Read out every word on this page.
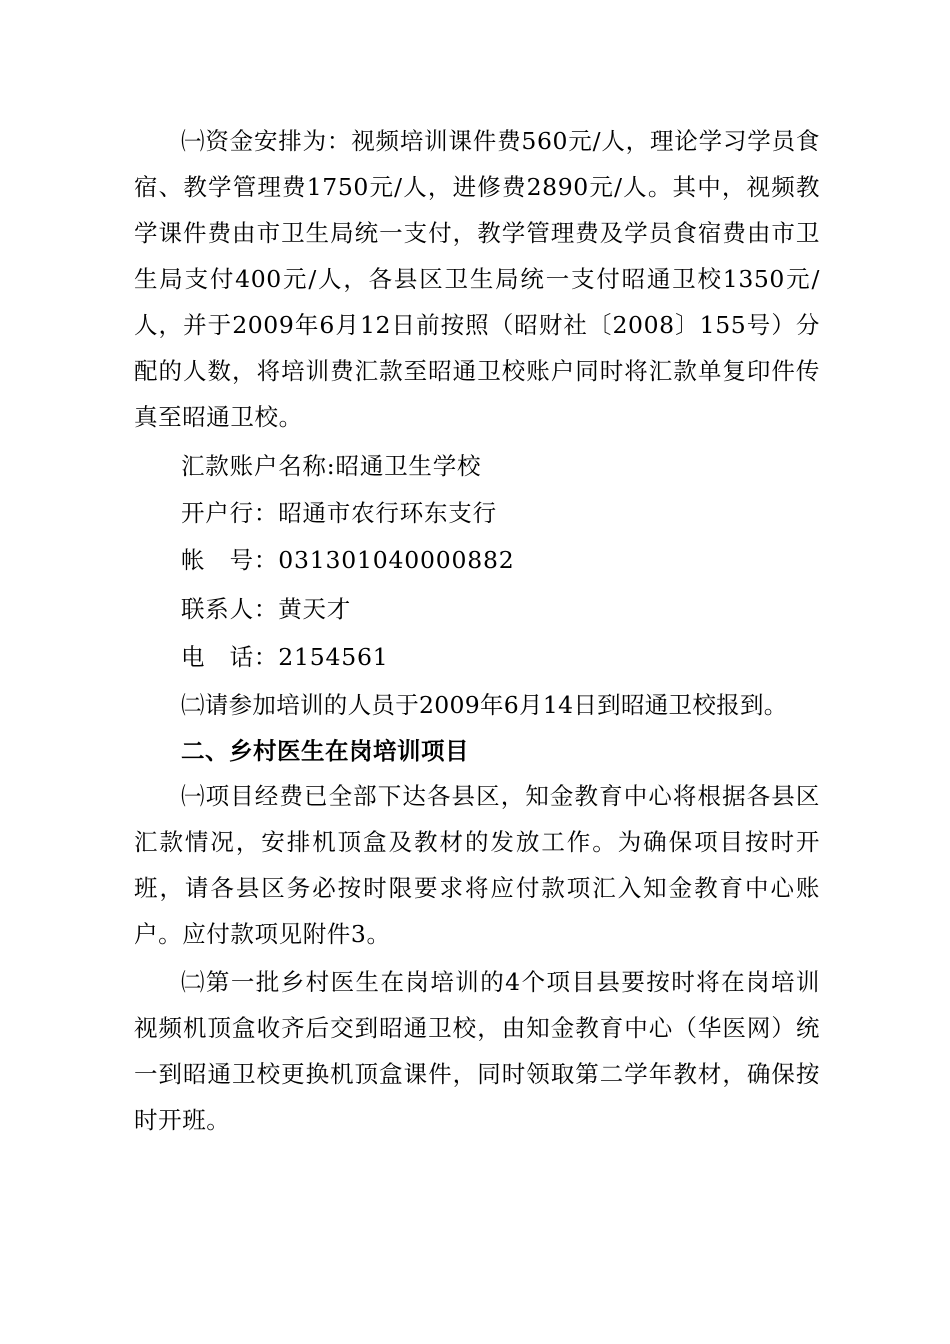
㈠资金安排为：视频培训课件费560元/人，理论学习学员食宿、教学管理费1750元/人，进修费2890元/人。其中，视频教学课件费由市卫生局统一支付，教学管理费及学员食宿费由市卫生局支付400元/人，各县区卫生局统一支付昭通卫校1350元/人，并于2009年6月12日前按照（昭财社〔2008〕155号）分配的人数，将培训费汇款至昭通卫校账户同时将汇款单复印件传真至昭通卫校。

汇款账户名称:昭通卫生学校

开户行：昭通市农行环东支行

帐　号：031301040000882

联系人：黄天才

电　话：2154561

㈡请参加培训的人员于2009年6月14日到昭通卫校报到。

二、乡村医生在岗培训项目

㈠项目经费已全部下达各县区，知金教育中心将根据各县区汇款情况，安排机顶盒及教材的发放工作。为确保项目按时开班，请各县区务必按时限要求将应付款项汇入知金教育中心账户。应付款项见附件3。

㈡第一批乡村医生在岗培训的4个项目县要按时将在岗培训视频机顶盒收齐后交到昭通卫校，由知金教育中心（华医网）统一到昭通卫校更换机顶盒课件，同时领取第二学年教材，确保按时开班。
